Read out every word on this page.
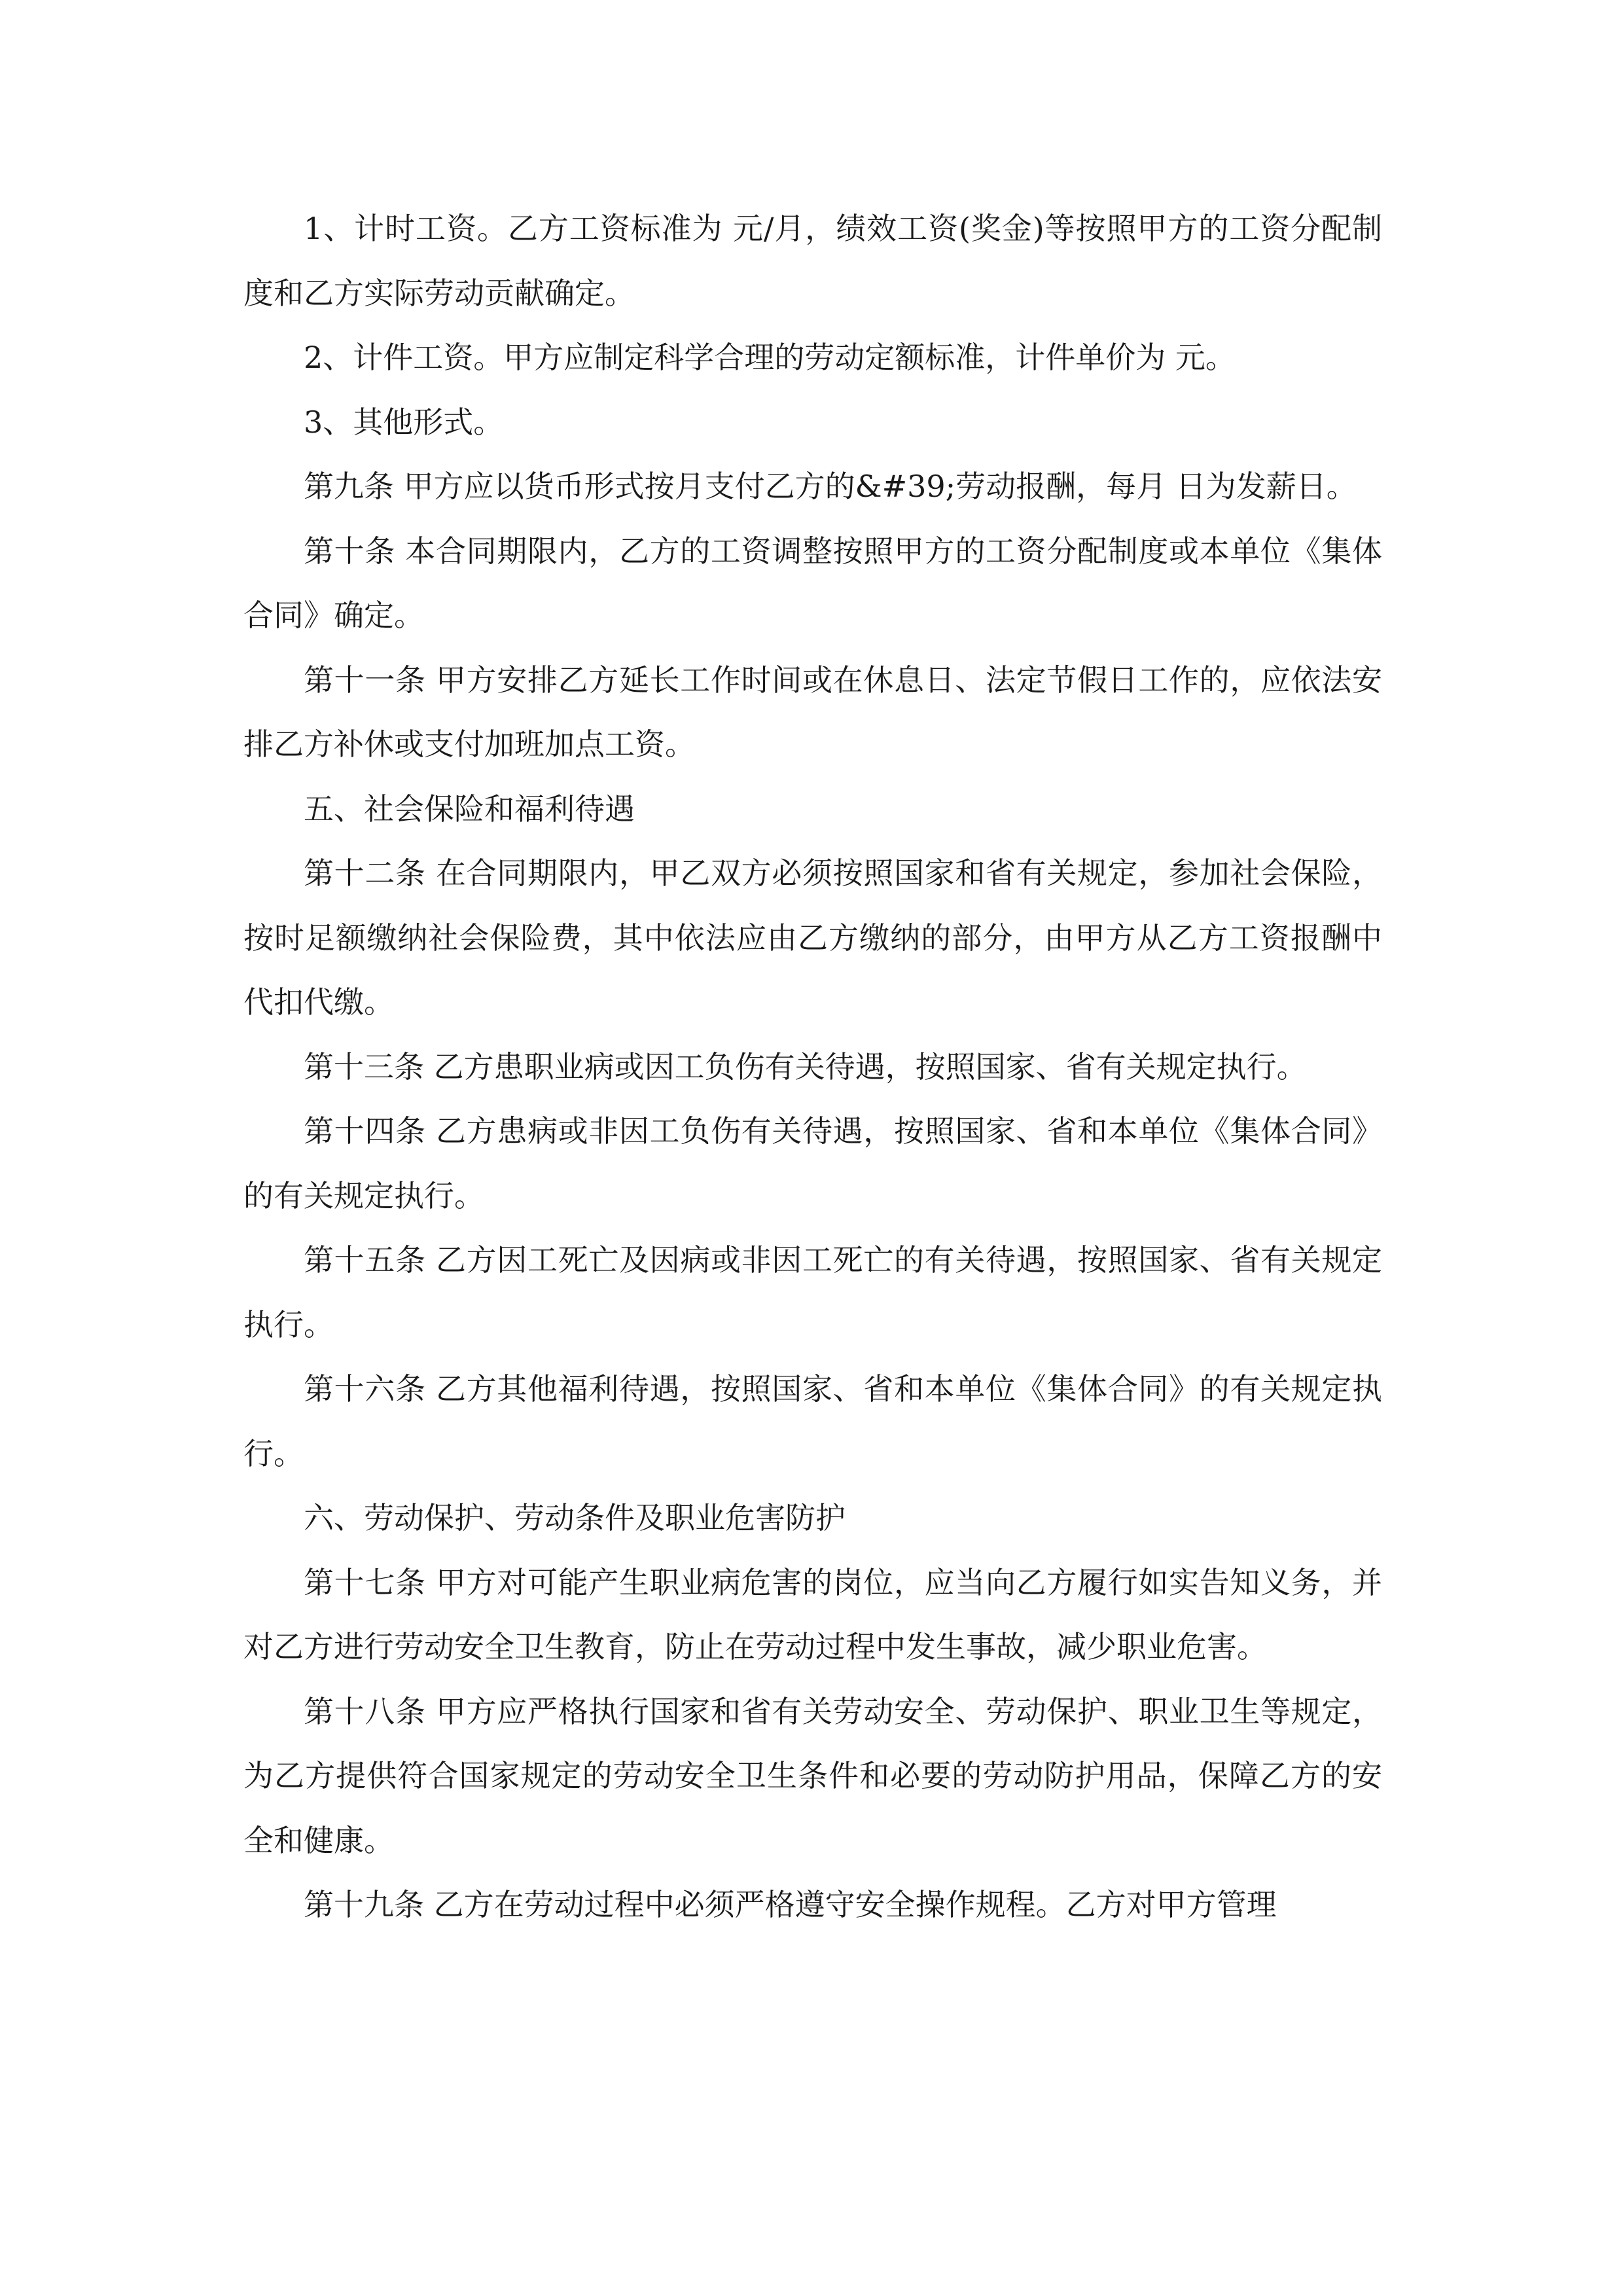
1、计时工资。乙方工资标准为 元/月，绩效工资(奖金)等按照甲方的工资分配制度和乙方实际劳动贡献确定。

2、计件工资。甲方应制定科学合理的劳动定额标准，计件单价为 元。

3、其他形式。

第九条 甲方应以货币形式按月支付乙方的&#39;劳动报酬，每月 日为发薪日。

第十条 本合同期限内，乙方的工资调整按照甲方的工资分配制度或本单位《集体合同》确定。

第十一条 甲方安排乙方延长工作时间或在休息日、法定节假日工作的，应依法安排乙方补休或支付加班加点工资。

五、社会保险和福利待遇

第十二条 在合同期限内，甲乙双方必须按照国家和省有关规定，参加社会保险，按时足额缴纳社会保险费，其中依法应由乙方缴纳的部分，由甲方从乙方工资报酬中代扣代缴。

第十三条 乙方患职业病或因工负伤有关待遇，按照国家、省有关规定执行。

第十四条 乙方患病或非因工负伤有关待遇，按照国家、省和本单位《集体合同》的有关规定执行。

第十五条 乙方因工死亡及因病或非因工死亡的有关待遇，按照国家、省有关规定执行。

第十六条 乙方其他福利待遇，按照国家、省和本单位《集体合同》的有关规定执行。

六、劳动保护、劳动条件及职业危害防护

第十七条 甲方对可能产生职业病危害的岗位，应当向乙方履行如实告知义务，并对乙方进行劳动安全卫生教育，防止在劳动过程中发生事故，减少职业危害。

第十八条 甲方应严格执行国家和省有关劳动安全、劳动保护、职业卫生等规定，为乙方提供符合国家规定的劳动安全卫生条件和必要的劳动防护用品，保障乙方的安全和健康。

第十九条 乙方在劳动过程中必须严格遵守安全操作规程。乙方对甲方管理
